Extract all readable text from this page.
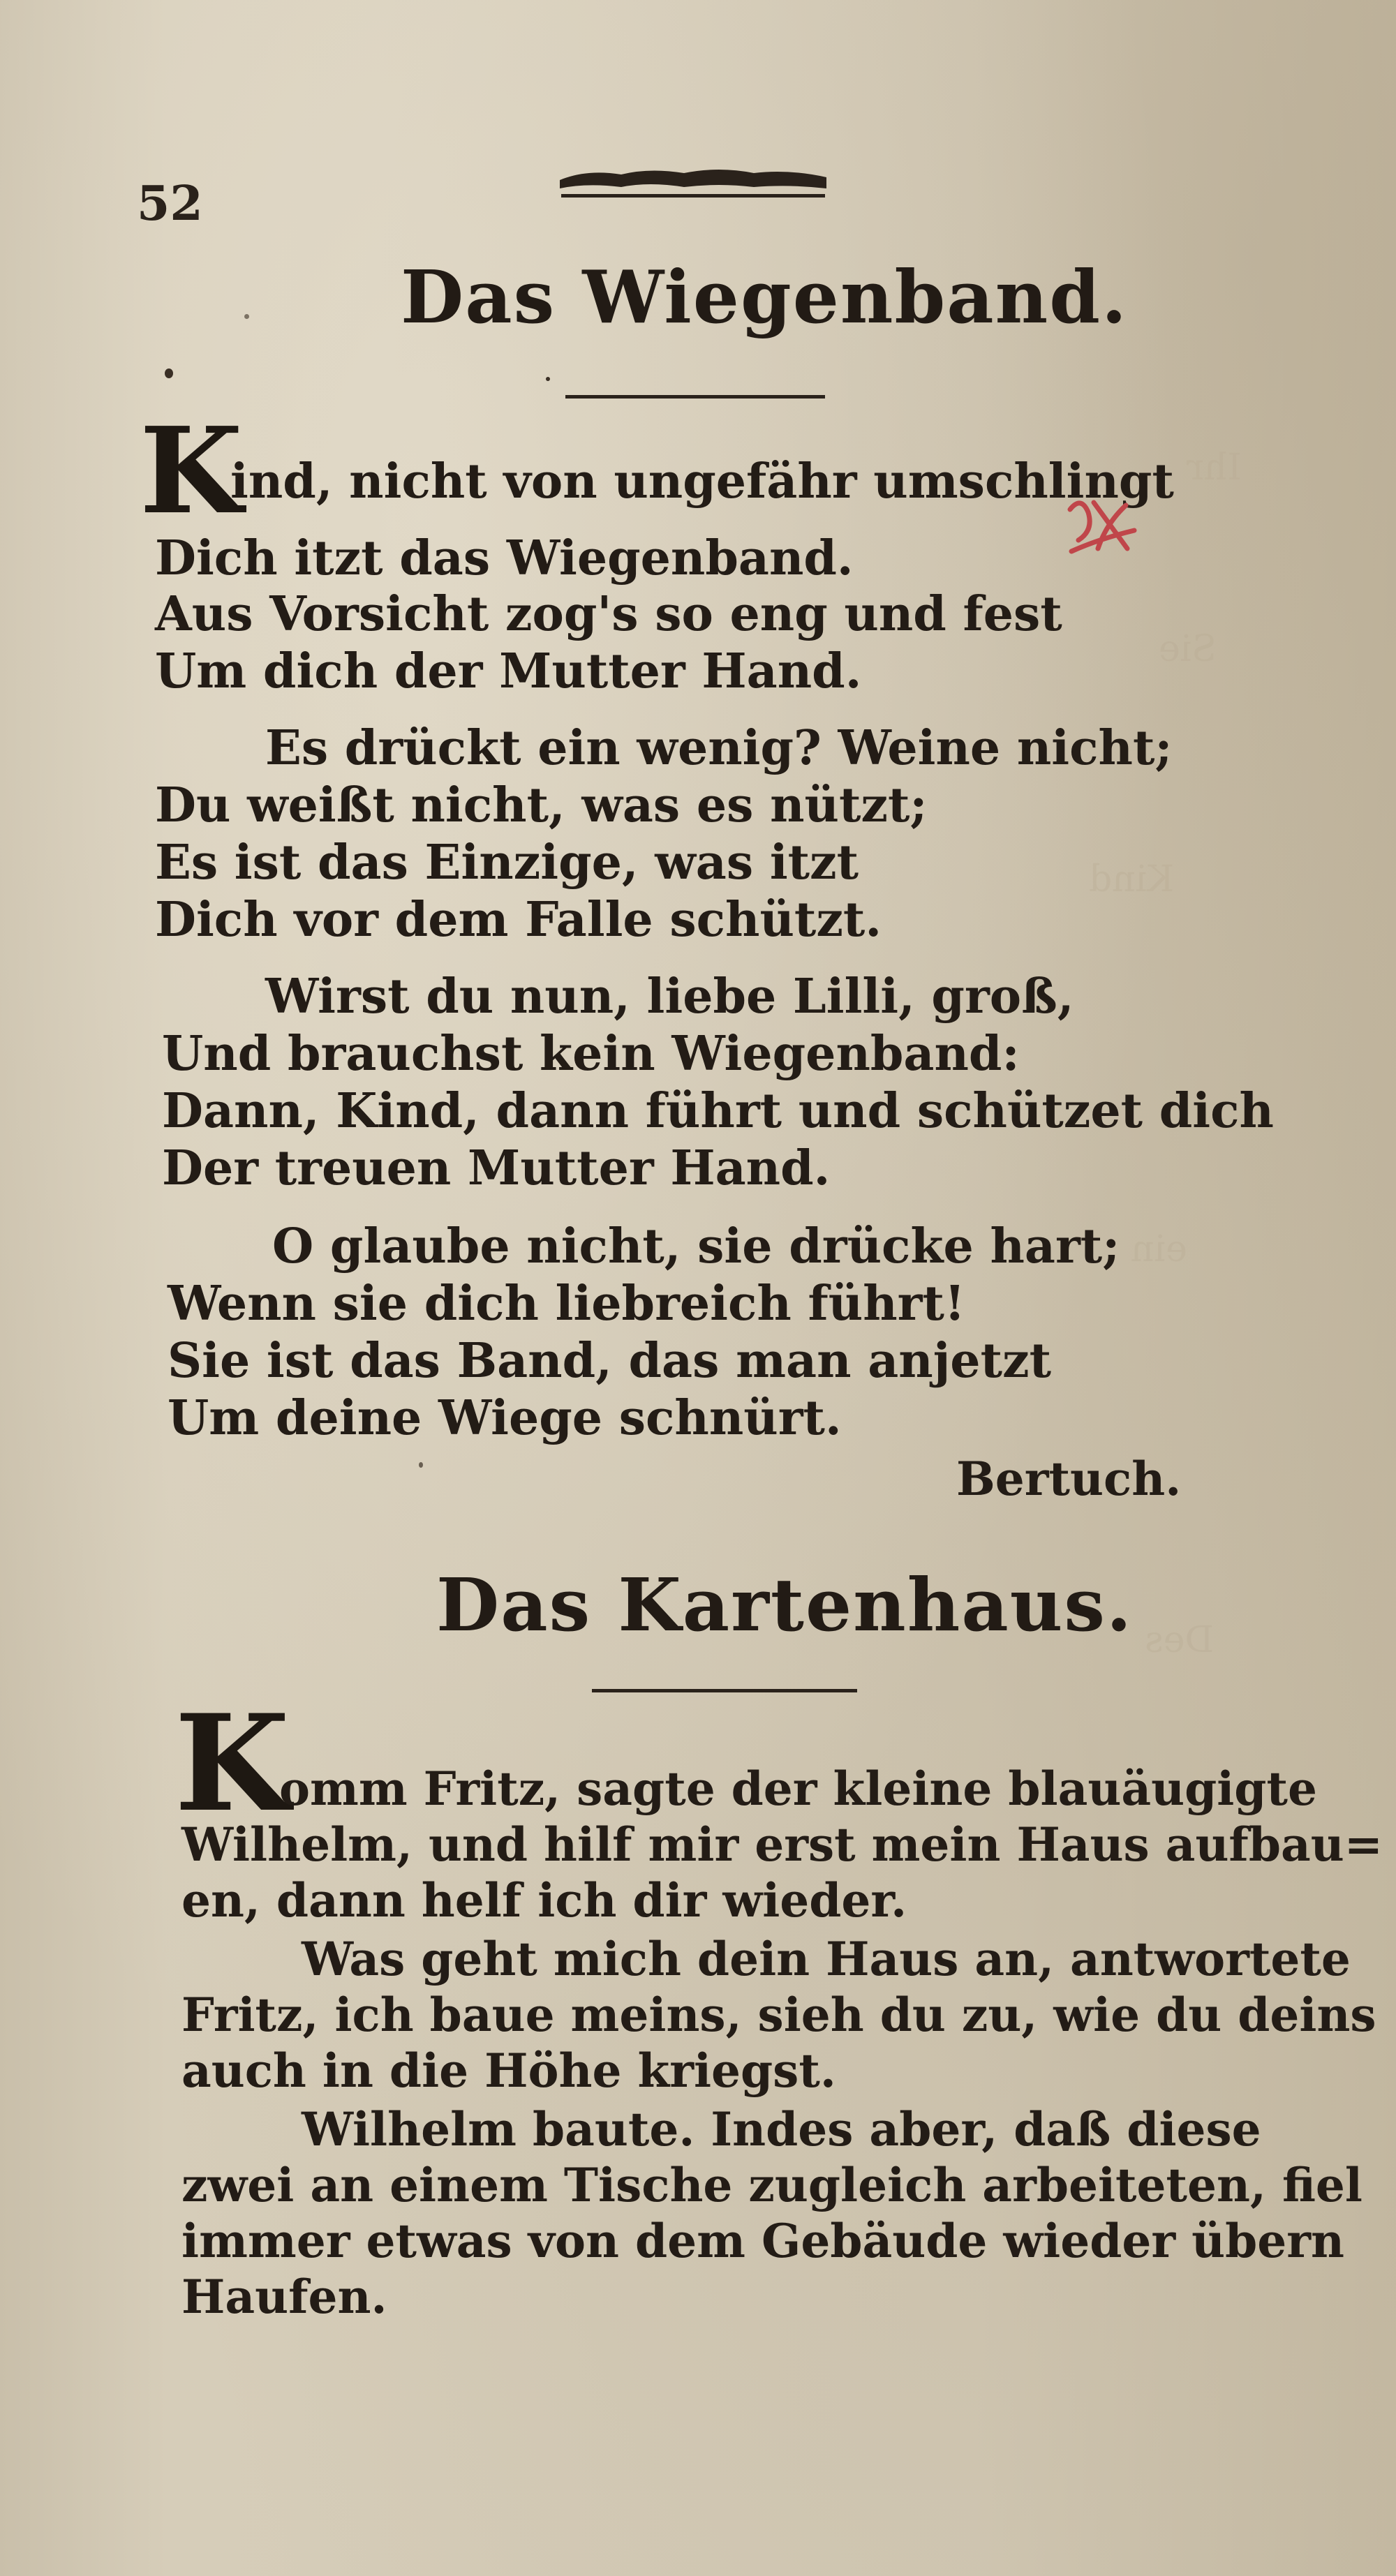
Ihr
Sie
Kind
ein
Des
52
Das Wiegenband.
K
ind, nicht von ungefähr umschlingt
Dich itzt das Wiegenband.
Aus Vorsicht zog's so eng und fest
Um dich der Mutter Hand.
Es drückt ein wenig? Weine nicht;
Du weißt nicht, was es nützt;
Es ist das Einzige, was itzt
Dich vor dem Falle schützt.
Wirst du nun, liebe Lilli, groß,
Und brauchst kein Wiegenband:
Dann, Kind, dann führt und schützet dich
Der treuen Mutter Hand.
O glaube nicht, sie drücke hart;
Wenn sie dich liebreich führt!
Sie ist das Band, das man anjetzt
Um deine Wiege schnürt.
Bertuch.
Das Kartenhaus.
K
omm Fritz, sagte der kleine blauäugigte
Wilhelm, und hilf mir erst mein Haus aufbau=
en, dann helf ich dir wieder.
Was geht mich dein Haus an, antwortete
Fritz, ich baue meins, sieh du zu, wie du deins
auch in die Höhe kriegst.
Wilhelm baute. Indes aber, daß diese
zwei an einem Tische zugleich arbeiteten, fiel
immer etwas von dem Gebäude wieder übern
Haufen.
